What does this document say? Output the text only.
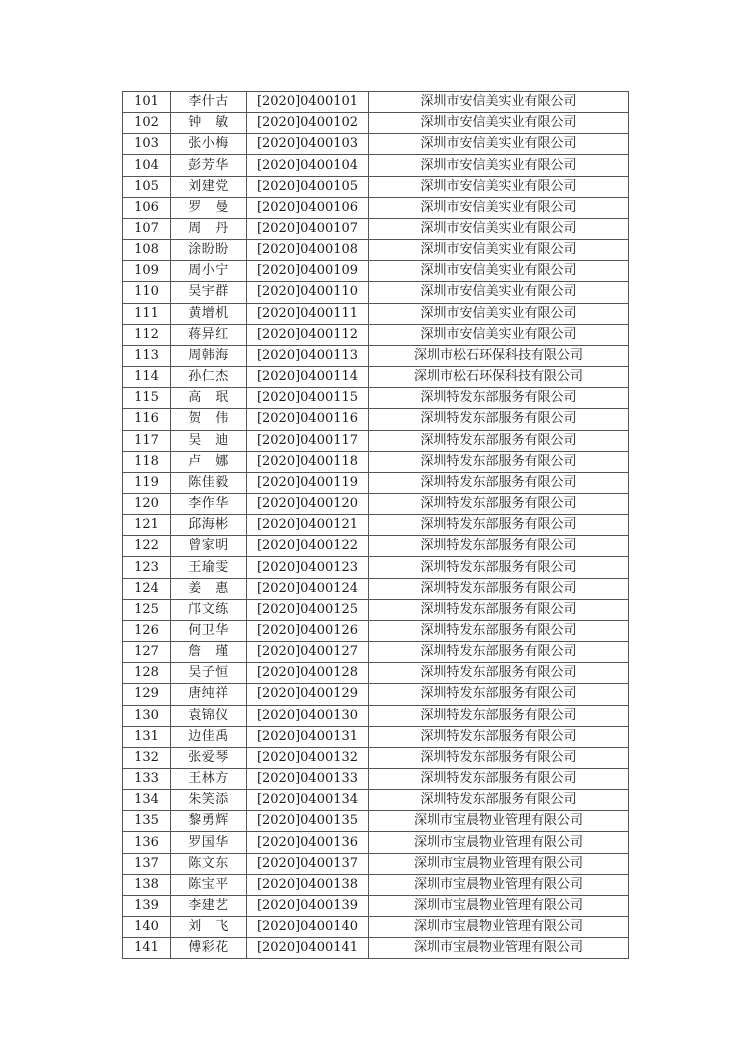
101	李什古	[2020]0400101	深圳市安信美实业有限公司
102	钟　敏	[2020]0400102	深圳市安信美实业有限公司
103	张小梅	[2020]0400103	深圳市安信美实业有限公司
104	彭芳华	[2020]0400104	深圳市安信美实业有限公司
105	刘建党	[2020]0400105	深圳市安信美实业有限公司
106	罗　曼	[2020]0400106	深圳市安信美实业有限公司
107	周　丹	[2020]0400107	深圳市安信美实业有限公司
108	涂盼盼	[2020]0400108	深圳市安信美实业有限公司
109	周小宁	[2020]0400109	深圳市安信美实业有限公司
110	吴宇群	[2020]0400110	深圳市安信美实业有限公司
111	黄增机	[2020]0400111	深圳市安信美实业有限公司
112	蒋异红	[2020]0400112	深圳市安信美实业有限公司
113	周韩海	[2020]0400113	深圳市松石环保科技有限公司
114	孙仁杰	[2020]0400114	深圳市松石环保科技有限公司
115	高　珉	[2020]0400115	深圳特发东部服务有限公司
116	贺　伟	[2020]0400116	深圳特发东部服务有限公司
117	吴　迪	[2020]0400117	深圳特发东部服务有限公司
118	卢　娜	[2020]0400118	深圳特发东部服务有限公司
119	陈佳毅	[2020]0400119	深圳特发东部服务有限公司
120	李作华	[2020]0400120	深圳特发东部服务有限公司
121	邱海彬	[2020]0400121	深圳特发东部服务有限公司
122	曾家明	[2020]0400122	深圳特发东部服务有限公司
123	王瑜雯	[2020]0400123	深圳特发东部服务有限公司
124	姜　惠	[2020]0400124	深圳特发东部服务有限公司
125	邝文练	[2020]0400125	深圳特发东部服务有限公司
126	何卫华	[2020]0400126	深圳特发东部服务有限公司
127	詹　瑾	[2020]0400127	深圳特发东部服务有限公司
128	吴子恒	[2020]0400128	深圳特发东部服务有限公司
129	唐纯祥	[2020]0400129	深圳特发东部服务有限公司
130	袁锦仪	[2020]0400130	深圳特发东部服务有限公司
131	边佳禹	[2020]0400131	深圳特发东部服务有限公司
132	张爱琴	[2020]0400132	深圳特发东部服务有限公司
133	王林方	[2020]0400133	深圳特发东部服务有限公司
134	朱笑添	[2020]0400134	深圳特发东部服务有限公司
135	黎勇辉	[2020]0400135	深圳市宝晨物业管理有限公司
136	罗国华	[2020]0400136	深圳市宝晨物业管理有限公司
137	陈文东	[2020]0400137	深圳市宝晨物业管理有限公司
138	陈宝平	[2020]0400138	深圳市宝晨物业管理有限公司
139	李建艺	[2020]0400139	深圳市宝晨物业管理有限公司
140	刘　飞	[2020]0400140	深圳市宝晨物业管理有限公司
141	傅彩花	[2020]0400141	深圳市宝晨物业管理有限公司
